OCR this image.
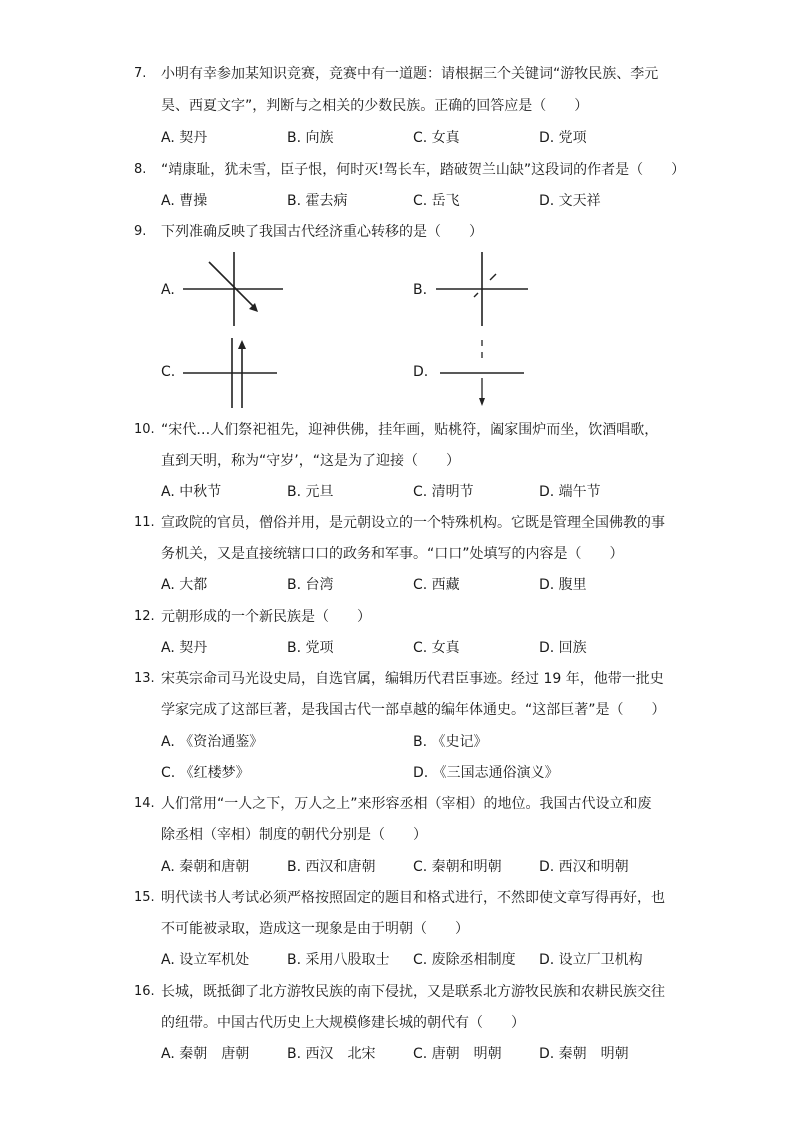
7. 小明有幸参加某知识竞赛，竞赛中有一道题：请根据三个关键词“游牧民族、李元
昊、西夏文字”，判断与之相关的少数民族。正确的回答应是（　　）
A. 契丹	B. 向族	C. 女真	D. 党项
8. “靖康耻，犹未雪，臣子恨，何时灭!驾长车，踏破贺兰山缺”这段词的作者是（　　）
A. 曹操	B. 霍去病	C. 岳飞	D. 文天祥
9. 下列准确反映了我国古代经济重心转移的是（　　）
A.	B.
C.	D.
10. “宋代…人们祭祀祖先，迎神供佛，挂年画，贴桃符，阖家围炉而坐，饮酒唱歌，
直到天明，称为“守岁’，“这是为了迎接（　　）
A. 中秋节	B. 元旦	C. 清明节	D. 端午节
11. 宣政院的官员，僧俗并用，是元朝设立的一个特殊机构。它既是管理全国佛教的事
务机关，又是直接统辖口口的政务和军事。“口口”处填写的内容是（　　）
A. 大都	B. 台湾	C. 西藏	D. 腹里
12. 元朝形成的一个新民族是（　　）
A. 契丹	B. 党项	C. 女真	D. 回族
13. 宋英宗命司马光设史局，自选官属，编辑历代君臣事迹。经过 19 年，他带一批史
学家完成了这部巨著，是我国古代一部卓越的编年体通史。“这部巨著”是（　　）
A. 《资治通鉴》	B. 《史记》
C. 《红楼梦》	D. 《三国志通俗演义》
14. 人们常用“一人之下，万人之上”来形容丞相（宰相）的地位。我国古代设立和废
除丞相（宰相）制度的朝代分别是（　　）
A. 秦朝和唐朝	B. 西汉和唐朝	C. 秦朝和明朝	D. 西汉和明朝
15. 明代读书人考试必须严格按照固定的题目和格式进行，不然即使文章写得再好，也
不可能被录取，造成这一现象是由于明朝（　　）
A. 设立军机处	B. 采用八股取士 C. 废除丞相制度 D. 设立厂卫机构
16. 长城，既抵御了北方游牧民族的南下侵扰，又是联系北方游牧民族和农耕民族交往
的纽带。中国古代历史上大规模修建长城的朝代有（　　）
A. 秦朝　唐朝	B. 西汉　北宋	C. 唐朝　明朝	D. 秦朝　明朝
